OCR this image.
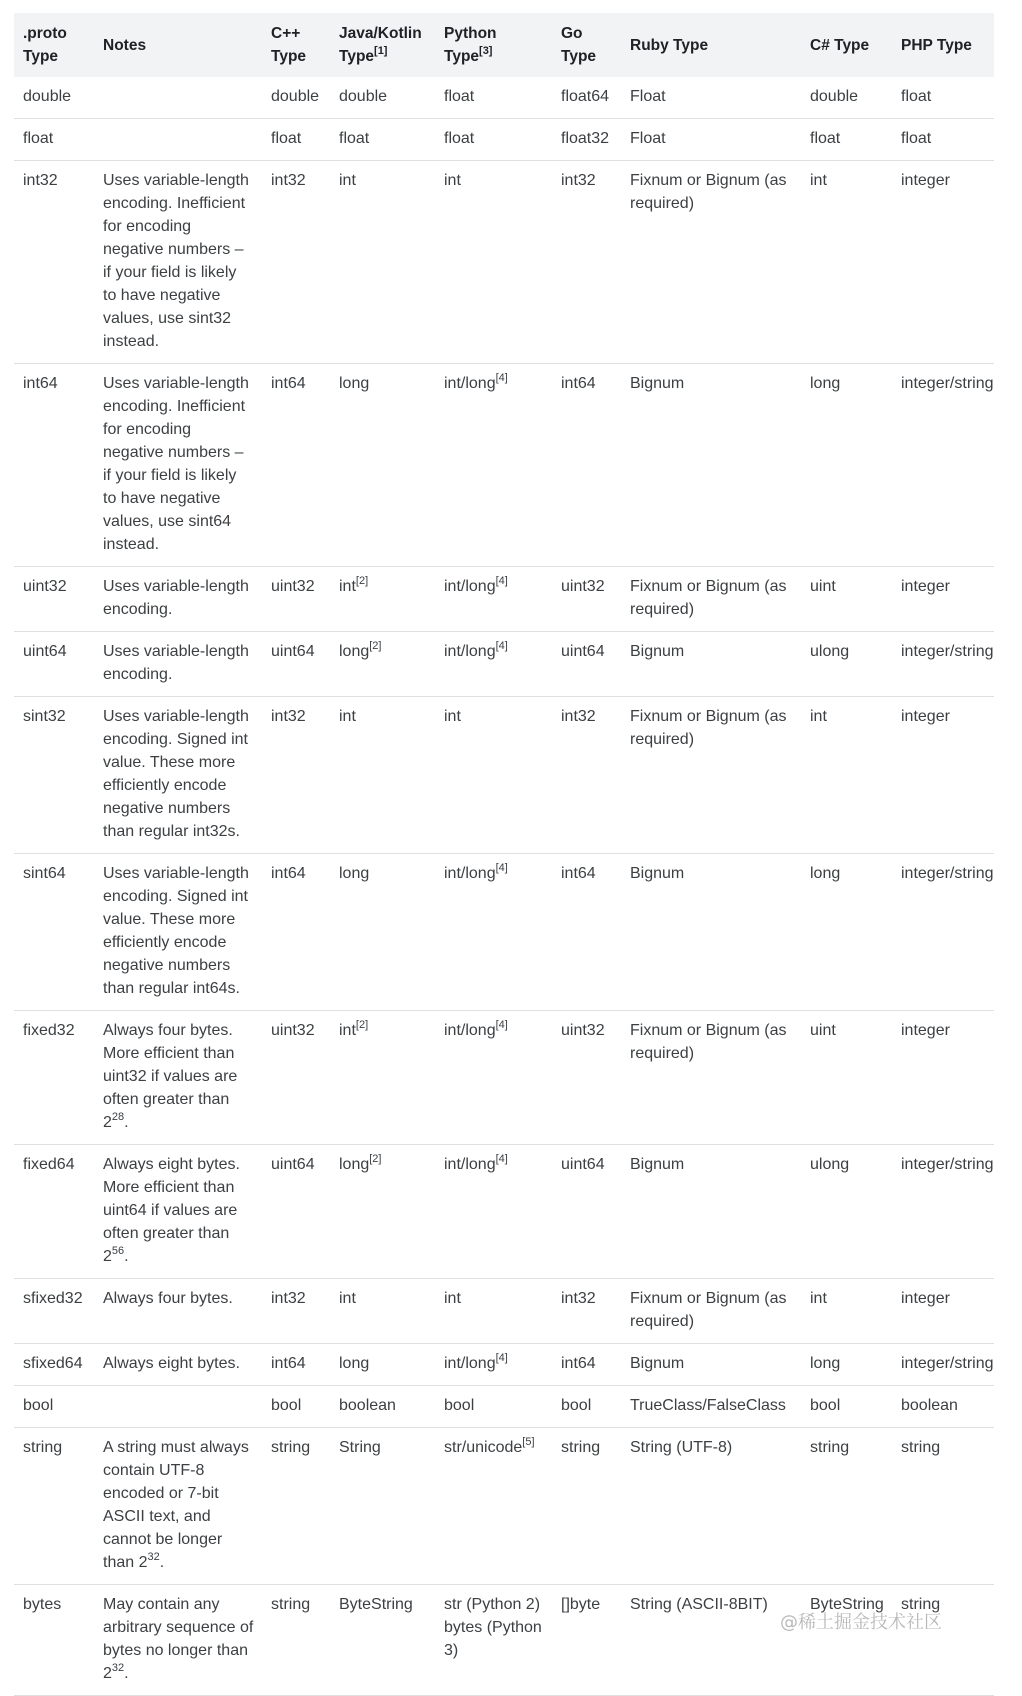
.proto Type	Notes	C++ Type	Java/Kotlin Type[1]	Python Type[3]	Go Type	Ruby Type	C# Type	PHP Type
double		double	double	float	float64	Float	double	float
float		float	float	float	float32	Float	float	float
int32	Uses variable-length encoding. Inefficient for encoding negative numbers – if your field is likely to have negative values, use sint32 instead.	int32	int	int	int32	Fixnum or Bignum (as required)	int	integer
int64	Uses variable-length encoding. Inefficient for encoding negative numbers – if your field is likely to have negative values, use sint64 instead.	int64	long	int/long[4]	int64	Bignum	long	integer/string
uint32	Uses variable-length encoding.	uint32	int[2]	int/long[4]	uint32	Fixnum or Bignum (as required)	uint	integer
uint64	Uses variable-length encoding.	uint64	long[2]	int/long[4]	uint64	Bignum	ulong	integer/string
sint32	Uses variable-length encoding. Signed int value. These more efficiently encode negative numbers than regular int32s.	int32	int	int	int32	Fixnum or Bignum (as required)	int	integer
sint64	Uses variable-length encoding. Signed int value. These more efficiently encode negative numbers than regular int64s.	int64	long	int/long[4]	int64	Bignum	long	integer/string
fixed32	Always four bytes. More efficient than uint32 if values are often greater than $2^{28}$.	uint32	int[2]	int/long[4]	uint32	Fixnum or Bignum (as required)	uint	integer
fixed64	Always eight bytes. More efficient than uint64 if values are often greater than $2^{56}$.	uint64	long[2]	int/long[4]	uint64	Bignum	ulong	integer/string
sfixed32	Always four bytes.	int32	int	int	int32	Fixnum or Bignum (as required)	int	integer
sfixed64	Always eight bytes.	int64	long	int/long[4]	int64	Bignum	long	integer/string
bool		bool	boolean	bool	bool	TrueClass/FalseClass	bool	boolean
string	A string must always contain UTF-8 encoded or 7-bit ASCII text, and cannot be longer than $2^{32}$.	string	String	str/unicode[5]	string	String (UTF-8)	string	string
bytes	May contain any arbitrary sequence of bytes no longer than $2^{32}$.	string	ByteString	str (Python 2) bytes (Python 3)	[]byte	String (ASCII-8BIT)	ByteString	string
@稀土掘金技术社区
